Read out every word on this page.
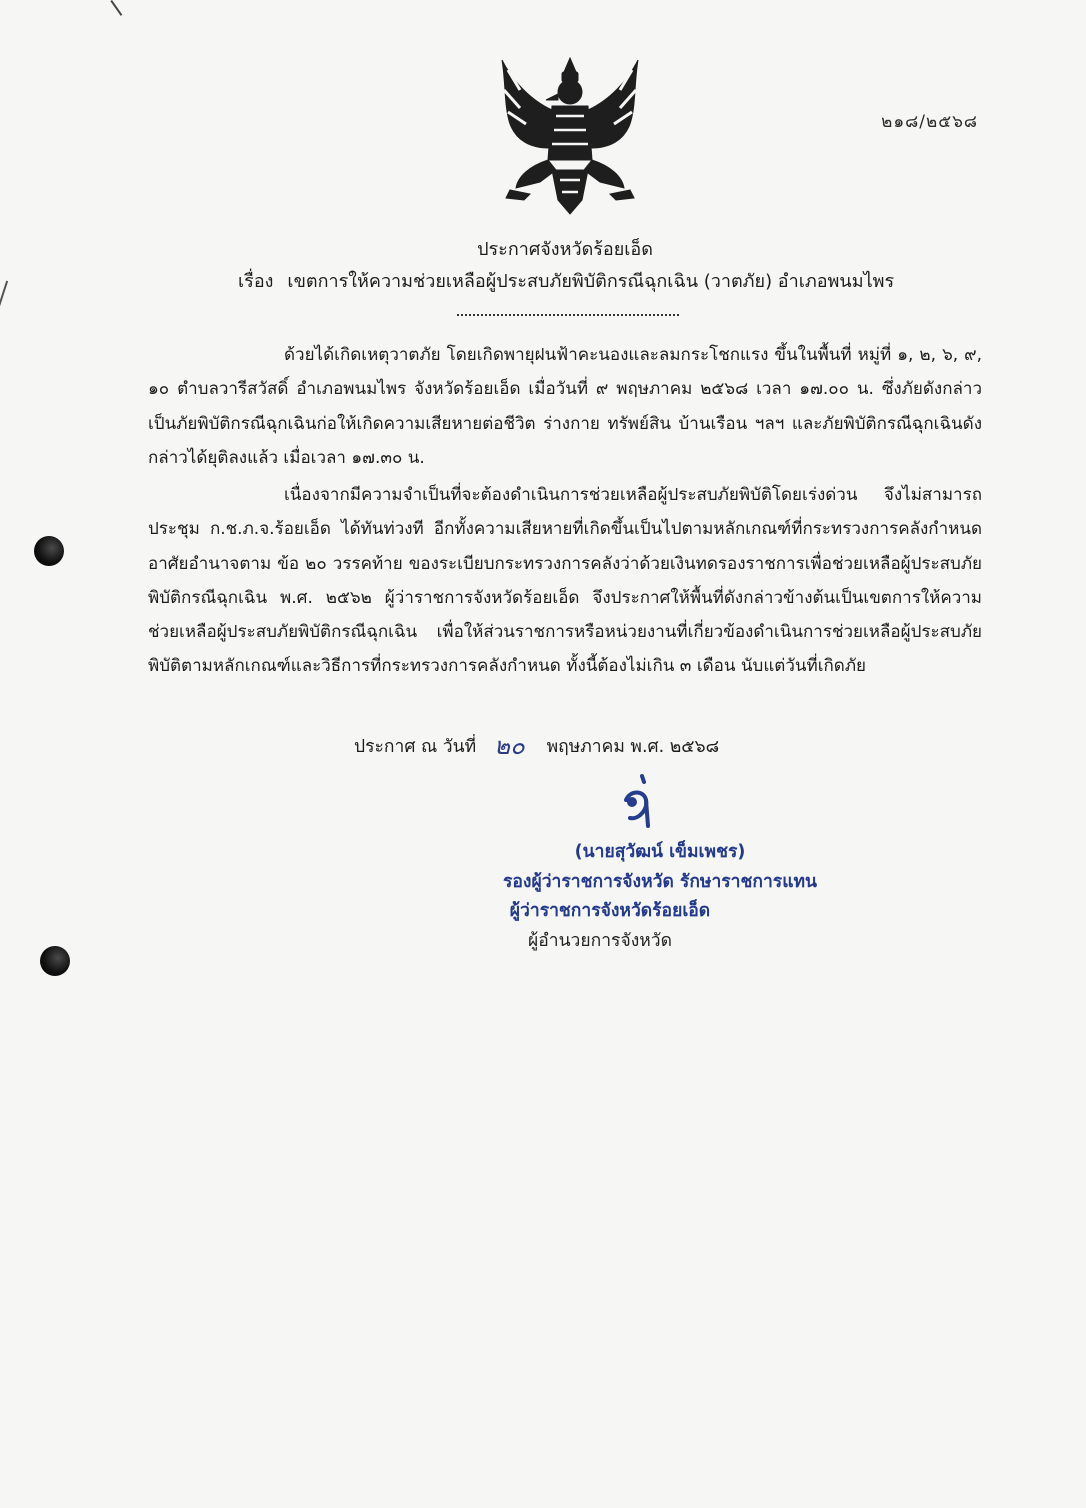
๒๑๘/๒๕๖๘
ประกาศจังหวัดร้อยเอ็ด
เรื่อง เขตการให้ความช่วยเหลือผู้ประสบภัยพิบัติกรณีฉุกเฉิน (วาตภัย) อำเภอพนมไพร
ด้วยได้เกิดเหตุวาตภัย โดยเกิดพายุฝนฟ้าคะนองและลมกระโชกแรง ขึ้นในพื้นที่ หมู่ที่ ๑, ๒, ๖, ๙, ๑๐ ตำบลวารีสวัสดิ์ อำเภอพนมไพร จังหวัดร้อยเอ็ด เมื่อวันที่ ๙ พฤษภาคม ๒๕๖๘ เวลา ๑๗.๐๐ น. ซึ่งภัยดังกล่าวเป็นภัยพิบัติกรณีฉุกเฉินก่อให้เกิดความเสียหายต่อชีวิต ร่างกาย ทรัพย์สิน บ้านเรือน ฯลฯ และภัยพิบัติกรณีฉุกเฉินดังกล่าวได้ยุติลงแล้ว เมื่อเวลา ๑๗.๓๐ น.
เนื่องจากมีความจำเป็นที่จะต้องดำเนินการช่วยเหลือผู้ประสบภัยพิบัติโดยเร่งด่วน จึงไม่สามารถประชุม ก.ช.ภ.จ.ร้อยเอ็ด ได้ทันท่วงที อีกทั้งความเสียหายที่เกิดขึ้นเป็นไปตามหลักเกณฑ์ที่กระทรวงการคลังกำหนด อาศัยอำนาจตาม ข้อ ๒๐ วรรคท้าย ของระเบียบกระทรวงการคลังว่าด้วยเงินทดรองราชการเพื่อช่วยเหลือผู้ประสบภัยพิบัติกรณีฉุกเฉิน พ.ศ. ๒๕๖๒ ผู้ว่าราชการจังหวัดร้อยเอ็ด จึงประกาศให้พื้นที่ดังกล่าวข้างต้นเป็นเขตการให้ความช่วยเหลือผู้ประสบภัยพิบัติกรณีฉุกเฉิน เพื่อให้ส่วนราชการหรือหน่วยงานที่เกี่ยวข้องดำเนินการช่วยเหลือผู้ประสบภัยพิบัติตามหลักเกณฑ์และวิธีการที่กระทรวงการคลังกำหนด ทั้งนี้ต้องไม่เกิน ๓ เดือน นับแต่วันที่เกิดภัย
ประกาศ ณ วันที่ ๒๐ พฤษภาคม พ.ศ. ๒๕๖๘
(นายสุวัฒน์ เข็มเพชร)
รองผู้ว่าราชการจังหวัด รักษาราชการแทน
ผู้ว่าราชการจังหวัดร้อยเอ็ด
ผู้อำนวยการจังหวัด
